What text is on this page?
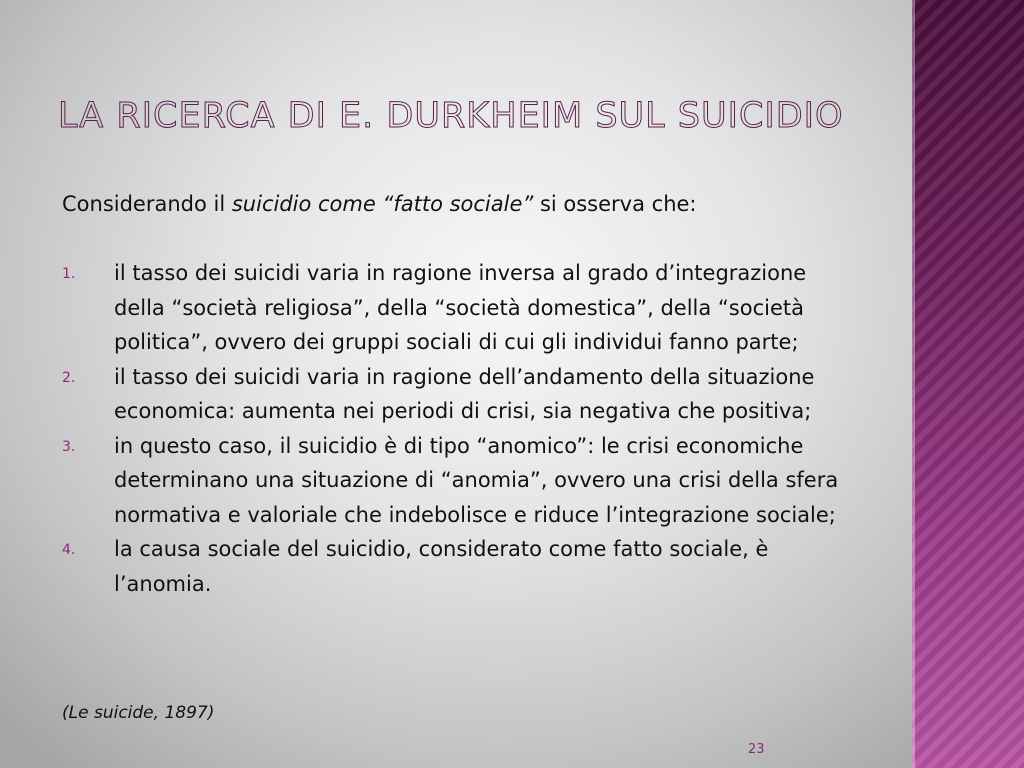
LA RICERCA DI E. DURKHEIM SUL SUICIDIO

Considerando il suicidio come “fatto sociale” si osserva che:

1. il tasso dei suicidi varia in ragione inversa al grado d’integrazione della “società religiosa”, della “società domestica”, della “società politica”, ovvero dei gruppi sociali di cui gli individui fanno parte;
2. il tasso dei suicidi varia in ragione dell’andamento della situazione economica: aumenta nei periodi di crisi, sia negativa che positiva;
3. in questo caso, il suicidio è di tipo “anomico”: le crisi economiche determinano una situazione di “anomia”, ovvero una crisi della sfera normativa e valoriale che indebolisce e riduce l’integrazione sociale;
4. la causa sociale del suicidio, considerato come fatto sociale, è l’anomia.

(Le suicide, 1897)

23
